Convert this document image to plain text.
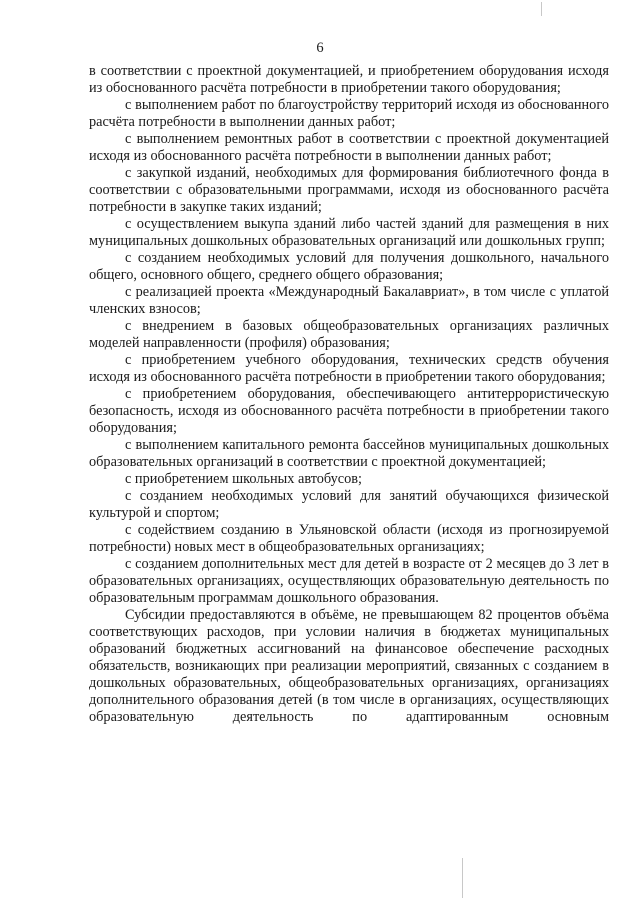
6

в соответствии с проектной документацией, и приобретением оборудования исходя из обоснованного расчёта потребности в приобретении такого оборудования;

с выполнением работ по благоустройству территорий исходя из обоснованного расчёта потребности в выполнении данных работ;

с выполнением ремонтных работ в соответствии с проектной документацией исходя из обоснованного расчёта потребности в выполнении данных работ;

с закупкой изданий, необходимых для формирования библиотечного фонда в соответствии с образовательными программами, исходя из обоснованного расчёта потребности в закупке таких изданий;

с осуществлением выкупа зданий либо частей зданий для размещения в них муниципальных дошкольных образовательных организаций или дошкольных групп;

с созданием необходимых условий для получения дошкольного, начального общего, основного общего, среднего общего образования;

с реализацией проекта «Международный Бакалавриат», в том числе с уплатой членских взносов;

с внедрением в базовых общеобразовательных организациях различных моделей направленности (профиля) образования;

с приобретением учебного оборудования, технических средств обучения исходя из обоснованного расчёта потребности в приобретении такого оборудования;

с приобретением оборудования, обеспечивающего антитеррористическую безопасность, исходя из обоснованного расчёта потребности в приобретении такого оборудования;

с выполнением капитального ремонта бассейнов муниципальных дошкольных образовательных организаций в соответствии с проектной документацией;

с приобретением школьных автобусов;

с созданием необходимых условий для занятий обучающихся физической культурой и спортом;

с содействием созданию в Ульяновской области (исходя из прогнозируемой потребности) новых мест в общеобразовательных организациях;

с созданием дополнительных мест для детей в возрасте от 2 месяцев до 3 лет в образовательных организациях, осуществляющих образовательную деятельность по образовательным программам дошкольного образования.

Субсидии предоставляются в объёме, не превышающем 82 процентов объёма соответствующих расходов, при условии наличия в бюджетах муниципальных образований бюджетных ассигнований на финансовое обеспечение расходных обязательств, возникающих при реализации мероприятий, связанных с созданием в дошкольных образовательных, общеобразовательных организациях, организациях дополнительного образования детей (в том числе в организациях, осуществляющих образовательную деятельность по адаптированным основным
